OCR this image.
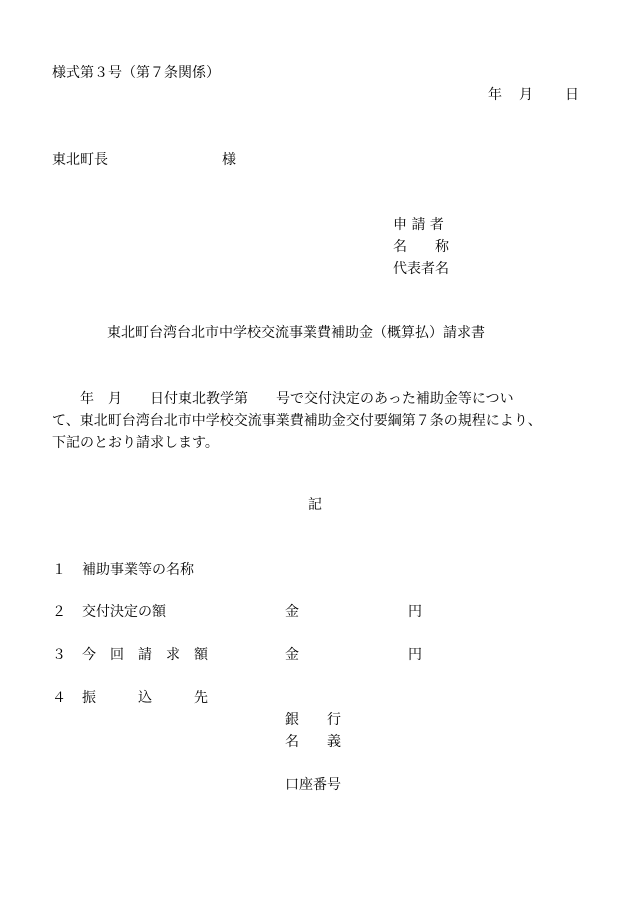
様式第３号（第７条関係）
年 月 日
東北町長	様
申 請 者
名　　称
代表者名
東北町台湾台北市中学校交流事業費補助金（概算払）請求書
　　年　月　　日付東北教学第　　号で交付決定のあった補助金等につい
て、東北町台湾台北市中学校交流事業費補助金交付要綱第７条の規程により、
下記のとおり請求します。
記
１ 補助事業等の名称
２ 交付決定の額	金	円
３ 今　回　請　求　額	金	円
４ 振　　　込　　　先
銀　　行
名　　義
口座番号
